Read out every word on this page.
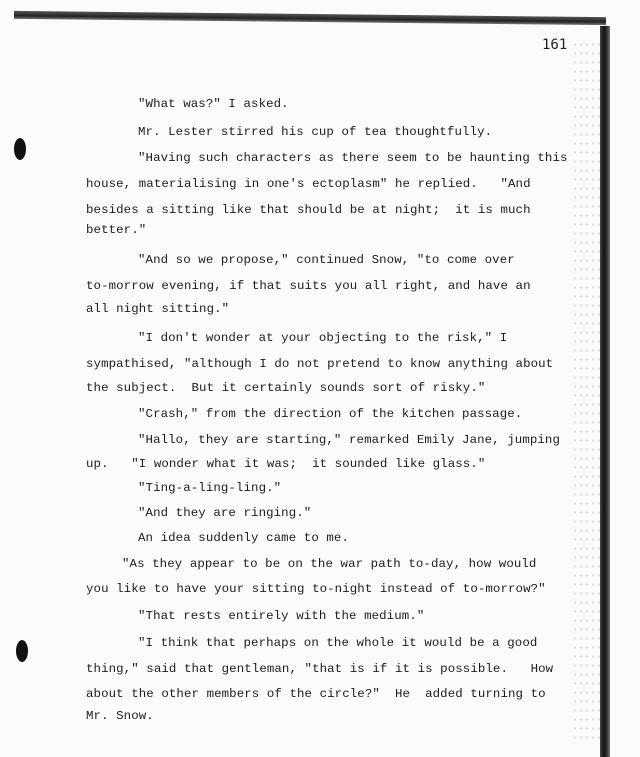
161
"What was?" I asked.
Mr. Lester stirred his cup of tea thoughtfully.
"Having such characters as there seem to be haunting this
house, materialising in one's ectoplasm" he replied.   "And
besides a sitting like that should be at night;  it is much
better."
"And so we propose," continued Snow, "to come over
to-morrow evening, if that suits you all right, and have an
all night sitting."
"I don't wonder at your objecting to the risk," I
sympathised, "although I do not pretend to know anything about
the subject.  But it certainly sounds sort of risky."
"Crash," from the direction of the kitchen passage.
"Hallo, they are starting," remarked Emily Jane, jumping
up.   "I wonder what it was;  it sounded like glass."
"Ting-a-ling-ling."
"And they are ringing."
An idea suddenly came to me.
"As they appear to be on the war path to-day, how would
you like to have your sitting to-night instead of to-morrow?"
"That rests entirely with the medium."
"I think that perhaps on the whole it would be a good
thing," said that gentleman, "that is if it is possible.   How
about the other members of the circle?"  He  added turning to
Mr. Snow.
